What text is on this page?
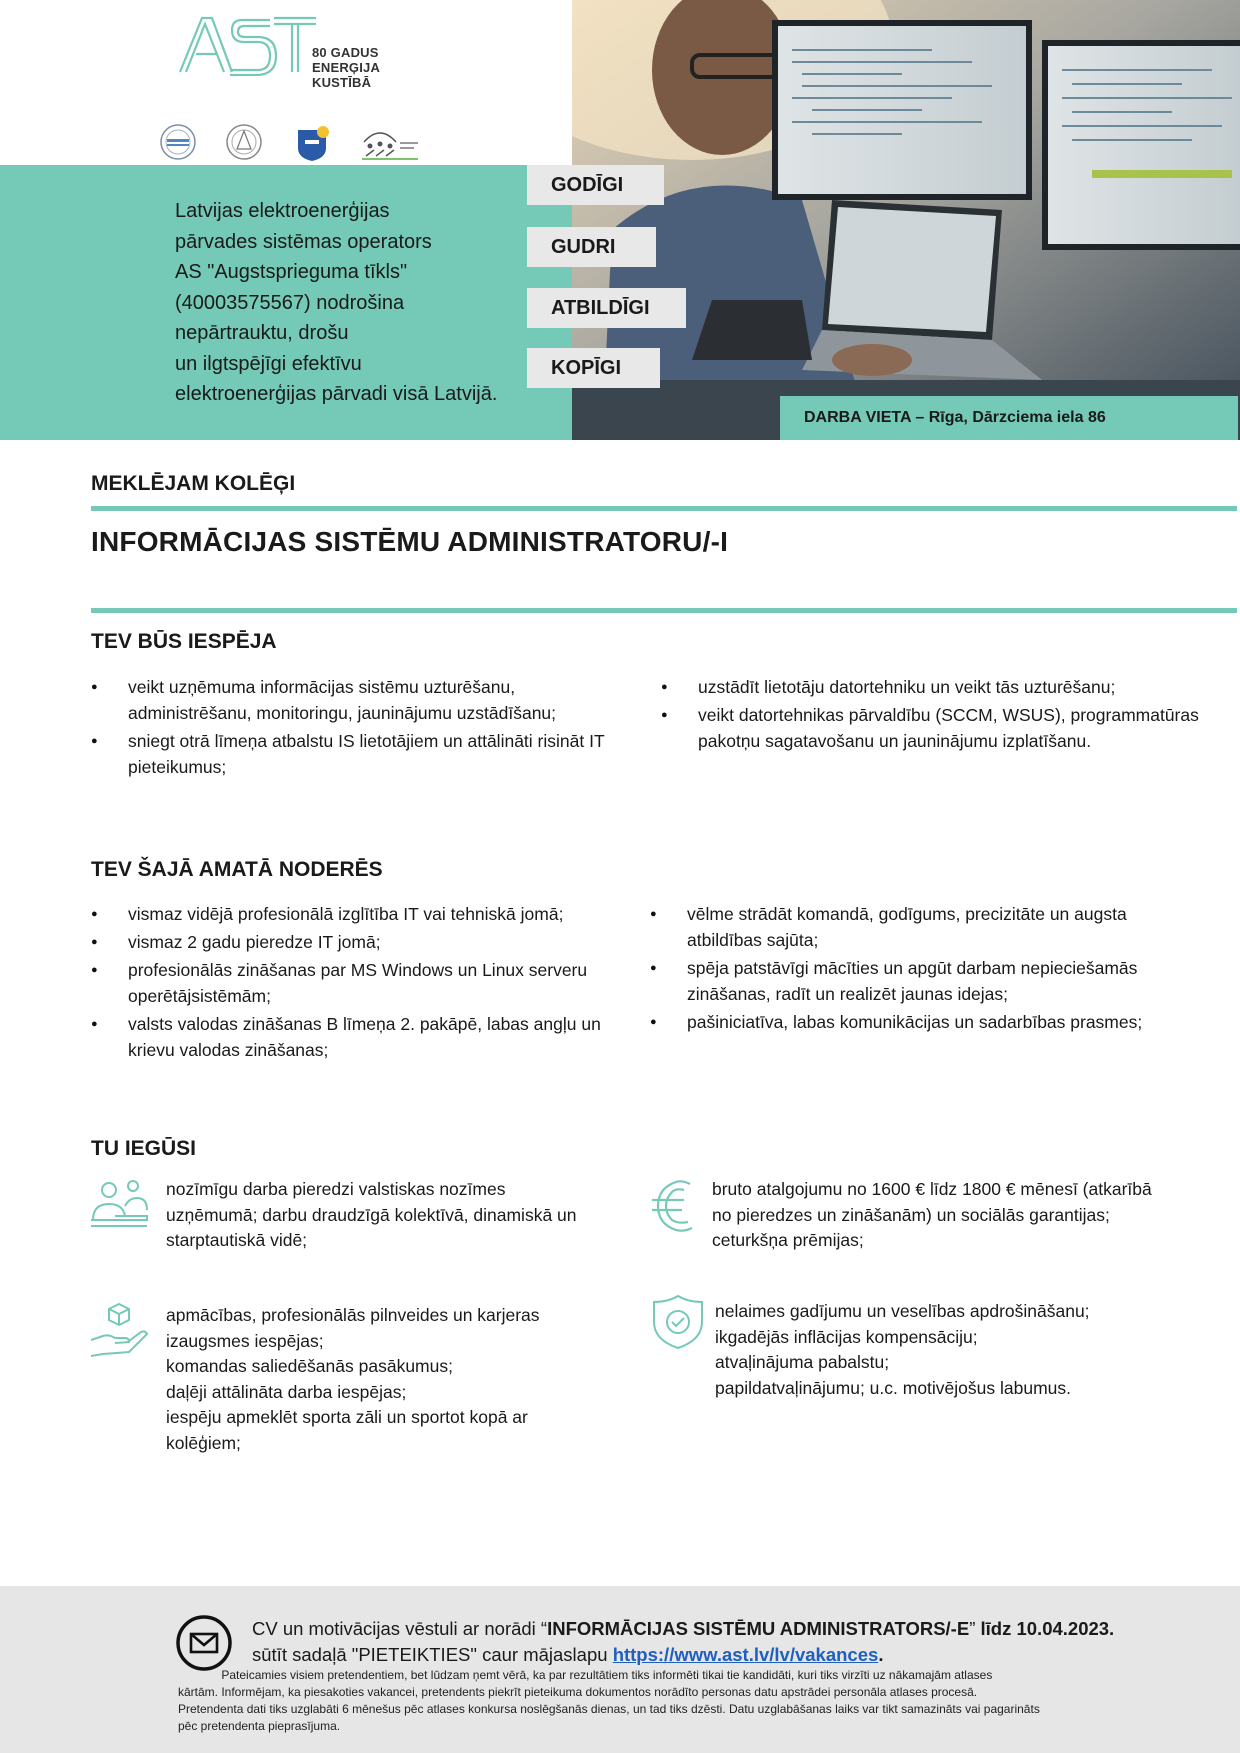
80 GADUS
ENERĢIJA
KUSTĪBĀ
Latvijas elektroenerģijas
pārvades sistēmas operators
AS "Augstsprieguma tīkls"
(40003575567) nodrošina
nepārtrauktu, drošu
un ilgtspējīgi efektīvu
elektroenerģijas pārvadi visā Latvijā.
GODĪGI
GUDRI
ATBILDĪGI
KOPĪGI
DARBA VIETA – Rīga, Dārzciema iela 86
MEKLĒJAM KOLĒĢI
INFORMĀCIJAS SISTĒMU ADMINISTRATORU/-I
TEV BŪS IESPĒJA
● veikt uzņēmuma informācijas sistēmu uzturēšanu, administrēšanu, monitoringu, jauninājumu uzstādīšanu;
● sniegt otrā līmeņa atbalstu IS lietotājiem un attālināti risināt IT pieteikumus;
● uzstādīt lietotāju datortehniku un veikt tās uzturēšanu;
● veikt datortehnikas pārvaldību (SCCM, WSUS), programmatūras pakotņu sagatavošanu un jauninājumu izplatīšanu.
TEV ŠAJĀ AMATĀ NODERĒS
● vismaz vidējā profesionālā izglītība IT vai tehniskā jomā;
● vismaz 2 gadu pieredze IT jomā;
● profesionālās zināšanas par MS Windows un Linux serveru operētājsistēmām;
● valsts valodas zināšanas B līmeņa 2. pakāpē, labas angļu un krievu valodas zināšanas;
● vēlme strādāt komandā, godīgums, precizitāte un augsta atbildības sajūta;
● spēja patstāvīgi mācīties un apgūt darbam nepieciešamās zināšanas, radīt un realizēt jaunas idejas;
● pašiniciatīva, labas komunikācijas un sadarbības prasmes;
TU IEGŪSI
nozīmīgu darba pieredzi valstiskas nozīmes
uzņēmumā; darbu draudzīgā kolektīvā, dinamiskā un
starptautiskā vidē;
bruto atalgojumu no 1600 € līdz 1800 € mēnesī (atkarībā
no pieredzes un zināšanām) un sociālās garantijas;
ceturkšņa prēmijas;
apmācības, profesionālās pilnveides un karjeras
izaugsmes iespējas;
komandas saliedēšanās pasākumus;
daļēji attālināta darba iespējas;
iespēju apmeklēt sporta zāli un sportot kopā ar
kolēģiem;
nelaimes gadījumu un veselības apdrošināšanu;
ikgadējās inflācijas kompensāciju;
atvaļinājuma pabalstu;
papildatvaļinājumu; u.c. motivējošus labumus.
CV un motivācijas vēstuli ar norādi “INFORMĀCIJAS SISTĒMU ADMINISTRATORS/-E” līdz 10.04.2023.
sūtīt sadaļā "PIETEIKTIES" caur mājaslapu https://www.ast.lv/lv/vakances.
Pateicamies visiem pretendentiem, bet lūdzam ņemt vērā, ka par rezultātiem tiks informēti tikai tie kandidāti, kuri tiks virzīti uz nākamajām atlases
kārtām. Informējam, ka piesakoties vakancei, pretendents piekrīt pieteikuma dokumentos norādīto personas datu apstrādei personāla atlases procesā.
Pretendenta dati tiks uzglabāti 6 mēnešus pēc atlases konkursa noslēgšanās dienas, un tad tiks dzēsti. Datu uzglabāšanas laiks var tikt samazināts vai pagarināts
pēc pretendenta pieprasījuma.
